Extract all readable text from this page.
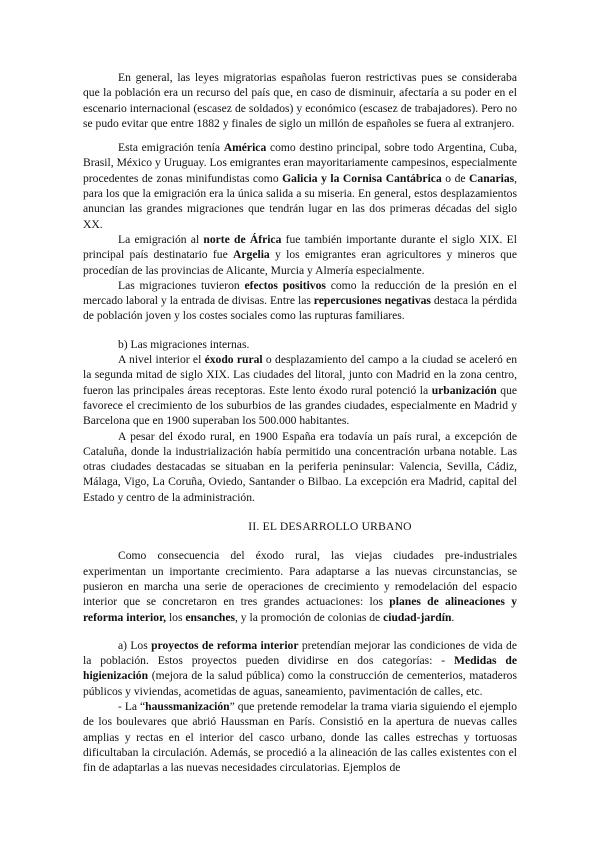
En general, las leyes migratorias españolas fueron restrictivas pues se consideraba que la población era un recurso del país que, en caso de disminuir, afectaría a su poder en el escenario internacional (escasez de soldados) y económico (escasez de trabajadores). Pero no se pudo evitar que entre 1882 y finales de siglo un millón de españoles se fuera al extranjero.

Esta emigración tenía América como destino principal, sobre todo Argentina, Cuba, Brasil, México y Uruguay. Los emigrantes eran mayoritariamente campesinos, especialmente procedentes de zonas minifundistas como Galicia y la Cornisa Cantábrica o de Canarias, para los que la emigración era la única salida a su miseria. En general, estos desplazamientos anuncian las grandes migraciones que tendrán lugar en las dos primeras décadas del siglo XX.

La emigración al norte de África fue también importante durante el siglo XIX. El principal país destinatario fue Argelia y los emigrantes eran agricultores y mineros que procedían de las provincias de Alicante, Murcia y Almería especialmente.

Las migraciones tuvieron efectos positivos como la reducción de la presión en el mercado laboral y la entrada de divisas. Entre las repercusiones negativas destaca la pérdida de población joven y los costes sociales como las rupturas familiares.

b) Las migraciones internas.

A nivel interior el éxodo rural o desplazamiento del campo a la ciudad se aceleró en la segunda mitad de siglo XIX. Las ciudades del litoral, junto con Madrid en la zona centro, fueron las principales áreas receptoras. Este lento éxodo rural potenció la urbanización que favorece el crecimiento de los suburbios de las grandes ciudades, especialmente en Madrid y Barcelona que en 1900 superaban los 500.000 habitantes.

A pesar del éxodo rural, en 1900 España era todavía un país rural, a excepción de Cataluña, donde la industrialización había permitido una concentración urbana notable. Las otras ciudades destacadas se situaban en la periferia peninsular: Valencia, Sevilla, Cádiz, Málaga, Vigo, La Coruña, Oviedo, Santander o Bilbao. La excepción era Madrid, capital del Estado y centro de la administración.

II. EL DESARROLLO URBANO

Como consecuencia del éxodo rural, las viejas ciudades pre-industriales experimentan un importante crecimiento. Para adaptarse a las nuevas circunstancias, se pusieron en marcha una serie de operaciones de crecimiento y remodelación del espacio interior que se concretaron en tres grandes actuaciones: los planes de alineaciones y reforma interior, los ensanches, y la promoción de colonias de ciudad-jardín.

a) Los proyectos de reforma interior pretendían mejorar las condiciones de vida de la población. Estos proyectos pueden dividirse en dos categorías: - Medidas de higienización (mejora de la salud pública) como la construcción de cementerios, mataderos públicos y viviendas, acometidas de aguas, saneamiento, pavimentación de calles, etc.

- La “haussmanización” que pretende remodelar la trama viaria siguiendo el ejemplo de los boulevares que abrió Haussman en París. Consistió en la apertura de nuevas calles amplias y rectas en el interior del casco urbano, donde las calles estrechas y tortuosas dificultaban la circulación. Además, se procedió a la alineación de las calles existentes con el fin de adaptarlas a las nuevas necesidades circulatorias. Ejemplos de
